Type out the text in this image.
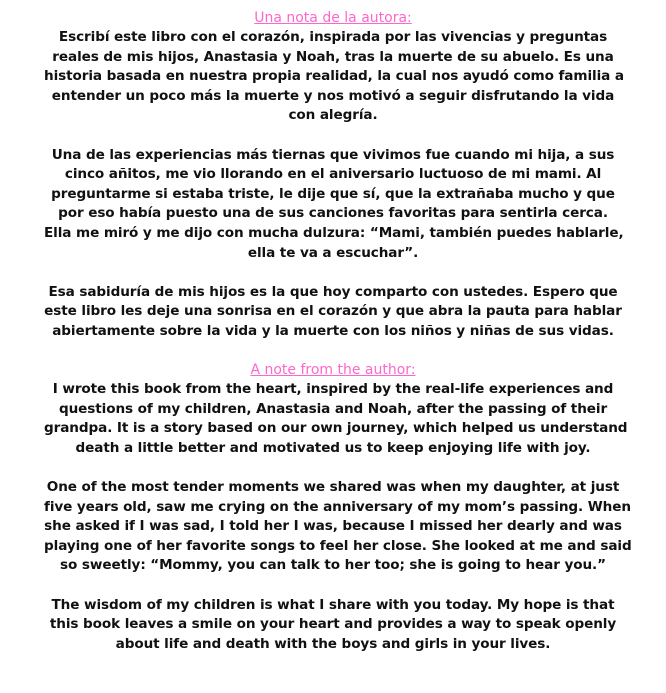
Una nota de la autora:

Escribí este libro con el corazón, inspirada por las vivencias y preguntas
reales de mis hijos, Anastasia y Noah, tras la muerte de su abuelo. Es una
historia basada en nuestra propia realidad, la cual nos ayudó como familia a
entender un poco más la muerte y nos motivó a seguir disfrutando la vida
con alegría.

Una de las experiencias más tiernas que vivimos fue cuando mi hija, a sus
cinco añitos, me vio llorando en el aniversario luctuoso de mi mami. Al
preguntarme si estaba triste, le dije que sí, que la extrañaba mucho y que
por eso había puesto una de sus canciones favoritas para sentirla cerca.
Ella me miró y me dijo con mucha dulzura: “Mami, también puedes hablarle,
ella te va a escuchar”.

Esa sabiduría de mis hijos es la que hoy comparto con ustedes. Espero que
este libro les deje una sonrisa en el corazón y que abra la pauta para hablar
abiertamente sobre la vida y la muerte con los niños y niñas de sus vidas.

A note from the author:

I wrote this book from the heart, inspired by the real-life experiences and
questions of my children, Anastasia and Noah, after the passing of their
grandpa. It is a story based on our own journey, which helped us understand
death a little better and motivated us to keep enjoying life with joy.

One of the most tender moments we shared was when my daughter, at just
five years old, saw me crying on the anniversary of my mom’s passing. When
she asked if I was sad, I told her I was, because I missed her dearly and was
playing one of her favorite songs to feel her close. She looked at me and said
so sweetly: “Mommy, you can talk to her too; she is going to hear you.”

The wisdom of my children is what I share with you today. My hope is that
this book leaves a smile on your heart and provides a way to speak openly
about life and death with the boys and girls in your lives.
